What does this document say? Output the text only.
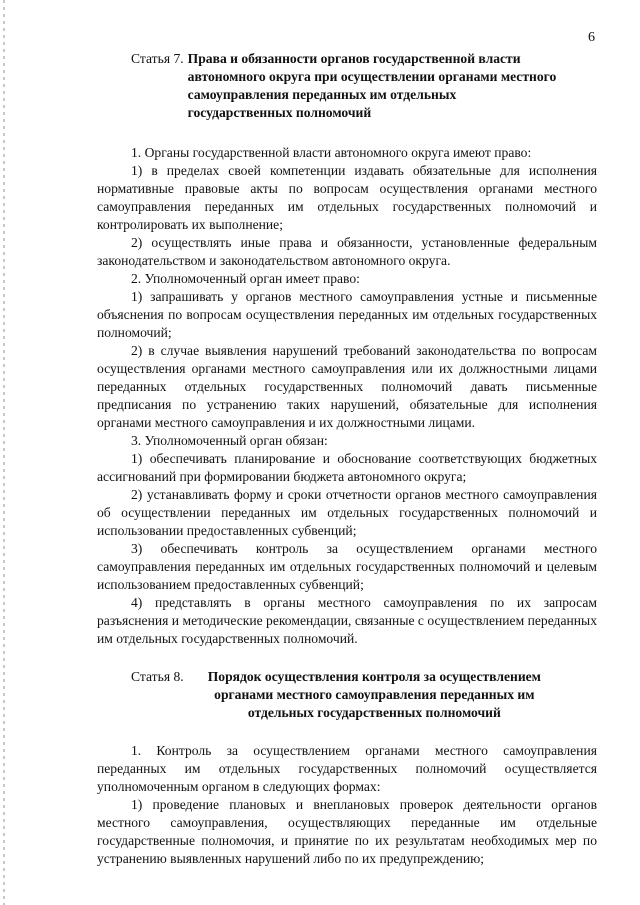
6
Статья 7. Права и обязанности органов государственной власти автономного округа при осуществлении органами местного самоуправления переданных им отдельных государственных полномочий

1. Органы государственной власти автономного округа имеют право:

1) в пределах своей компетенции издавать обязательные для исполнения нормативные правовые акты по вопросам осуществления органами местного самоуправления переданных им отдельных государственных полномочий и контролировать их выполнение;

2) осуществлять иные права и обязанности, установленные федеральным законодательством и законодательством автономного округа.

2. Уполномоченный орган имеет право:

1) запрашивать у органов местного самоуправления устные и письменные объяснения по вопросам осуществления переданных им отдельных государственных полномочий;

2) в случае выявления нарушений требований законодательства по вопросам осуществления органами местного самоуправления или их должностными лицами переданных отдельных государственных полномочий давать письменные предписания по устранению таких нарушений, обязательные для исполнения органами местного самоуправления и их должностными лицами.

3. Уполномоченный орган обязан:

1) обеспечивать планирование и обоснование соответствующих бюджетных ассигнований при формировании бюджета автономного округа;

2) устанавливать форму и сроки отчетности органов местного самоуправления об осуществлении переданных им отдельных государственных полномочий и использовании предоставленных субвенций;

3) обеспечивать контроль за осуществлением органами местного самоуправления переданных им отдельных государственных полномочий и целевым использованием предоставленных субвенций;

4) представлять в органы местного самоуправления по их запросам разъяснения и методические рекомендации, связанные с осуществлением переданных им отдельных государственных полномочий.

Статья 8.	Порядок осуществления контроля за осуществлением органами местного самоуправления переданных им отдельных государственных полномочий

1. Контроль за осуществлением органами местного самоуправления переданных им отдельных государственных полномочий осуществляется уполномоченным органом в следующих формах:

1) проведение плановых и внеплановых проверок деятельности органов местного самоуправления, осуществляющих переданные им отдельные государственные полномочия, и принятие по их результатам необходимых мер по устранению выявленных нарушений либо по их предупреждению;
